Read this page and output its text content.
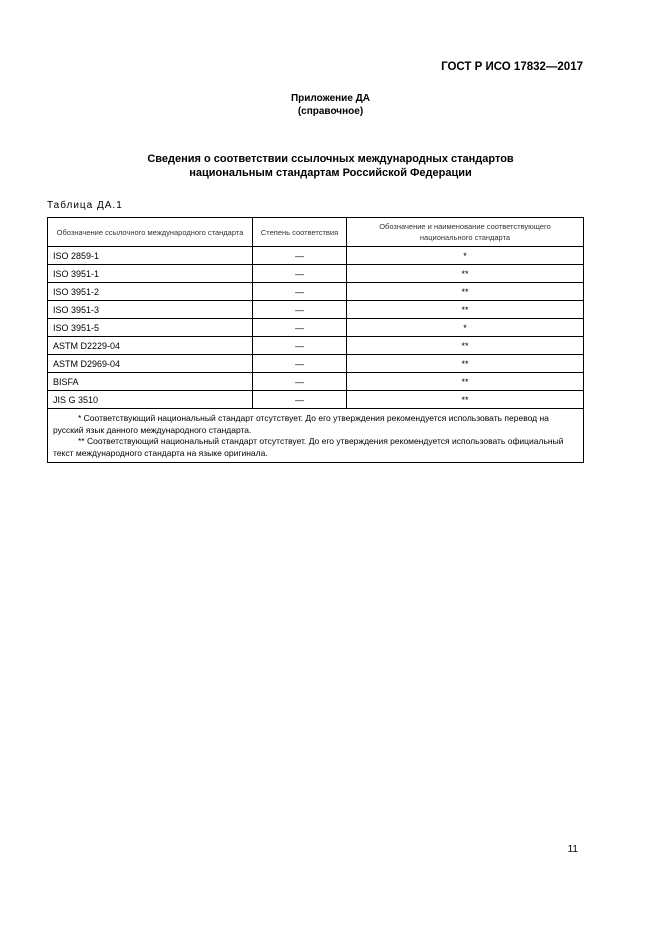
ГОСТ Р ИСО 17832—2017
Приложение ДА
(справочное)
Сведения о соответствии ссылочных международных стандартов
национальным стандартам Российской Федерации
Таблица ДА.1
Обозначение ссылочного международного стандарта	Степень соответствия	Обозначение и наименование соответствующего национального стандарта
ISO 2859-1	—	*
ISO 3951-1	—	**
ISO 3951-2	—	**
ISO 3951-3	—	**
ISO 3951-5	—	*
ASTM D2229-04	—	**
ASTM D2969-04	—	**
BISFA	—	**
JIS G 3510	—	**

* Соответствующий национальный стандарт отсутствует. До его утверждения рекомендуется использовать перевод на русский язык данного международного стандарта.
** Соответствующий национальный стандарт отсутствует. До его утверждения рекомендуется использовать официальный текст международного стандарта на языке оригинала.		
11
